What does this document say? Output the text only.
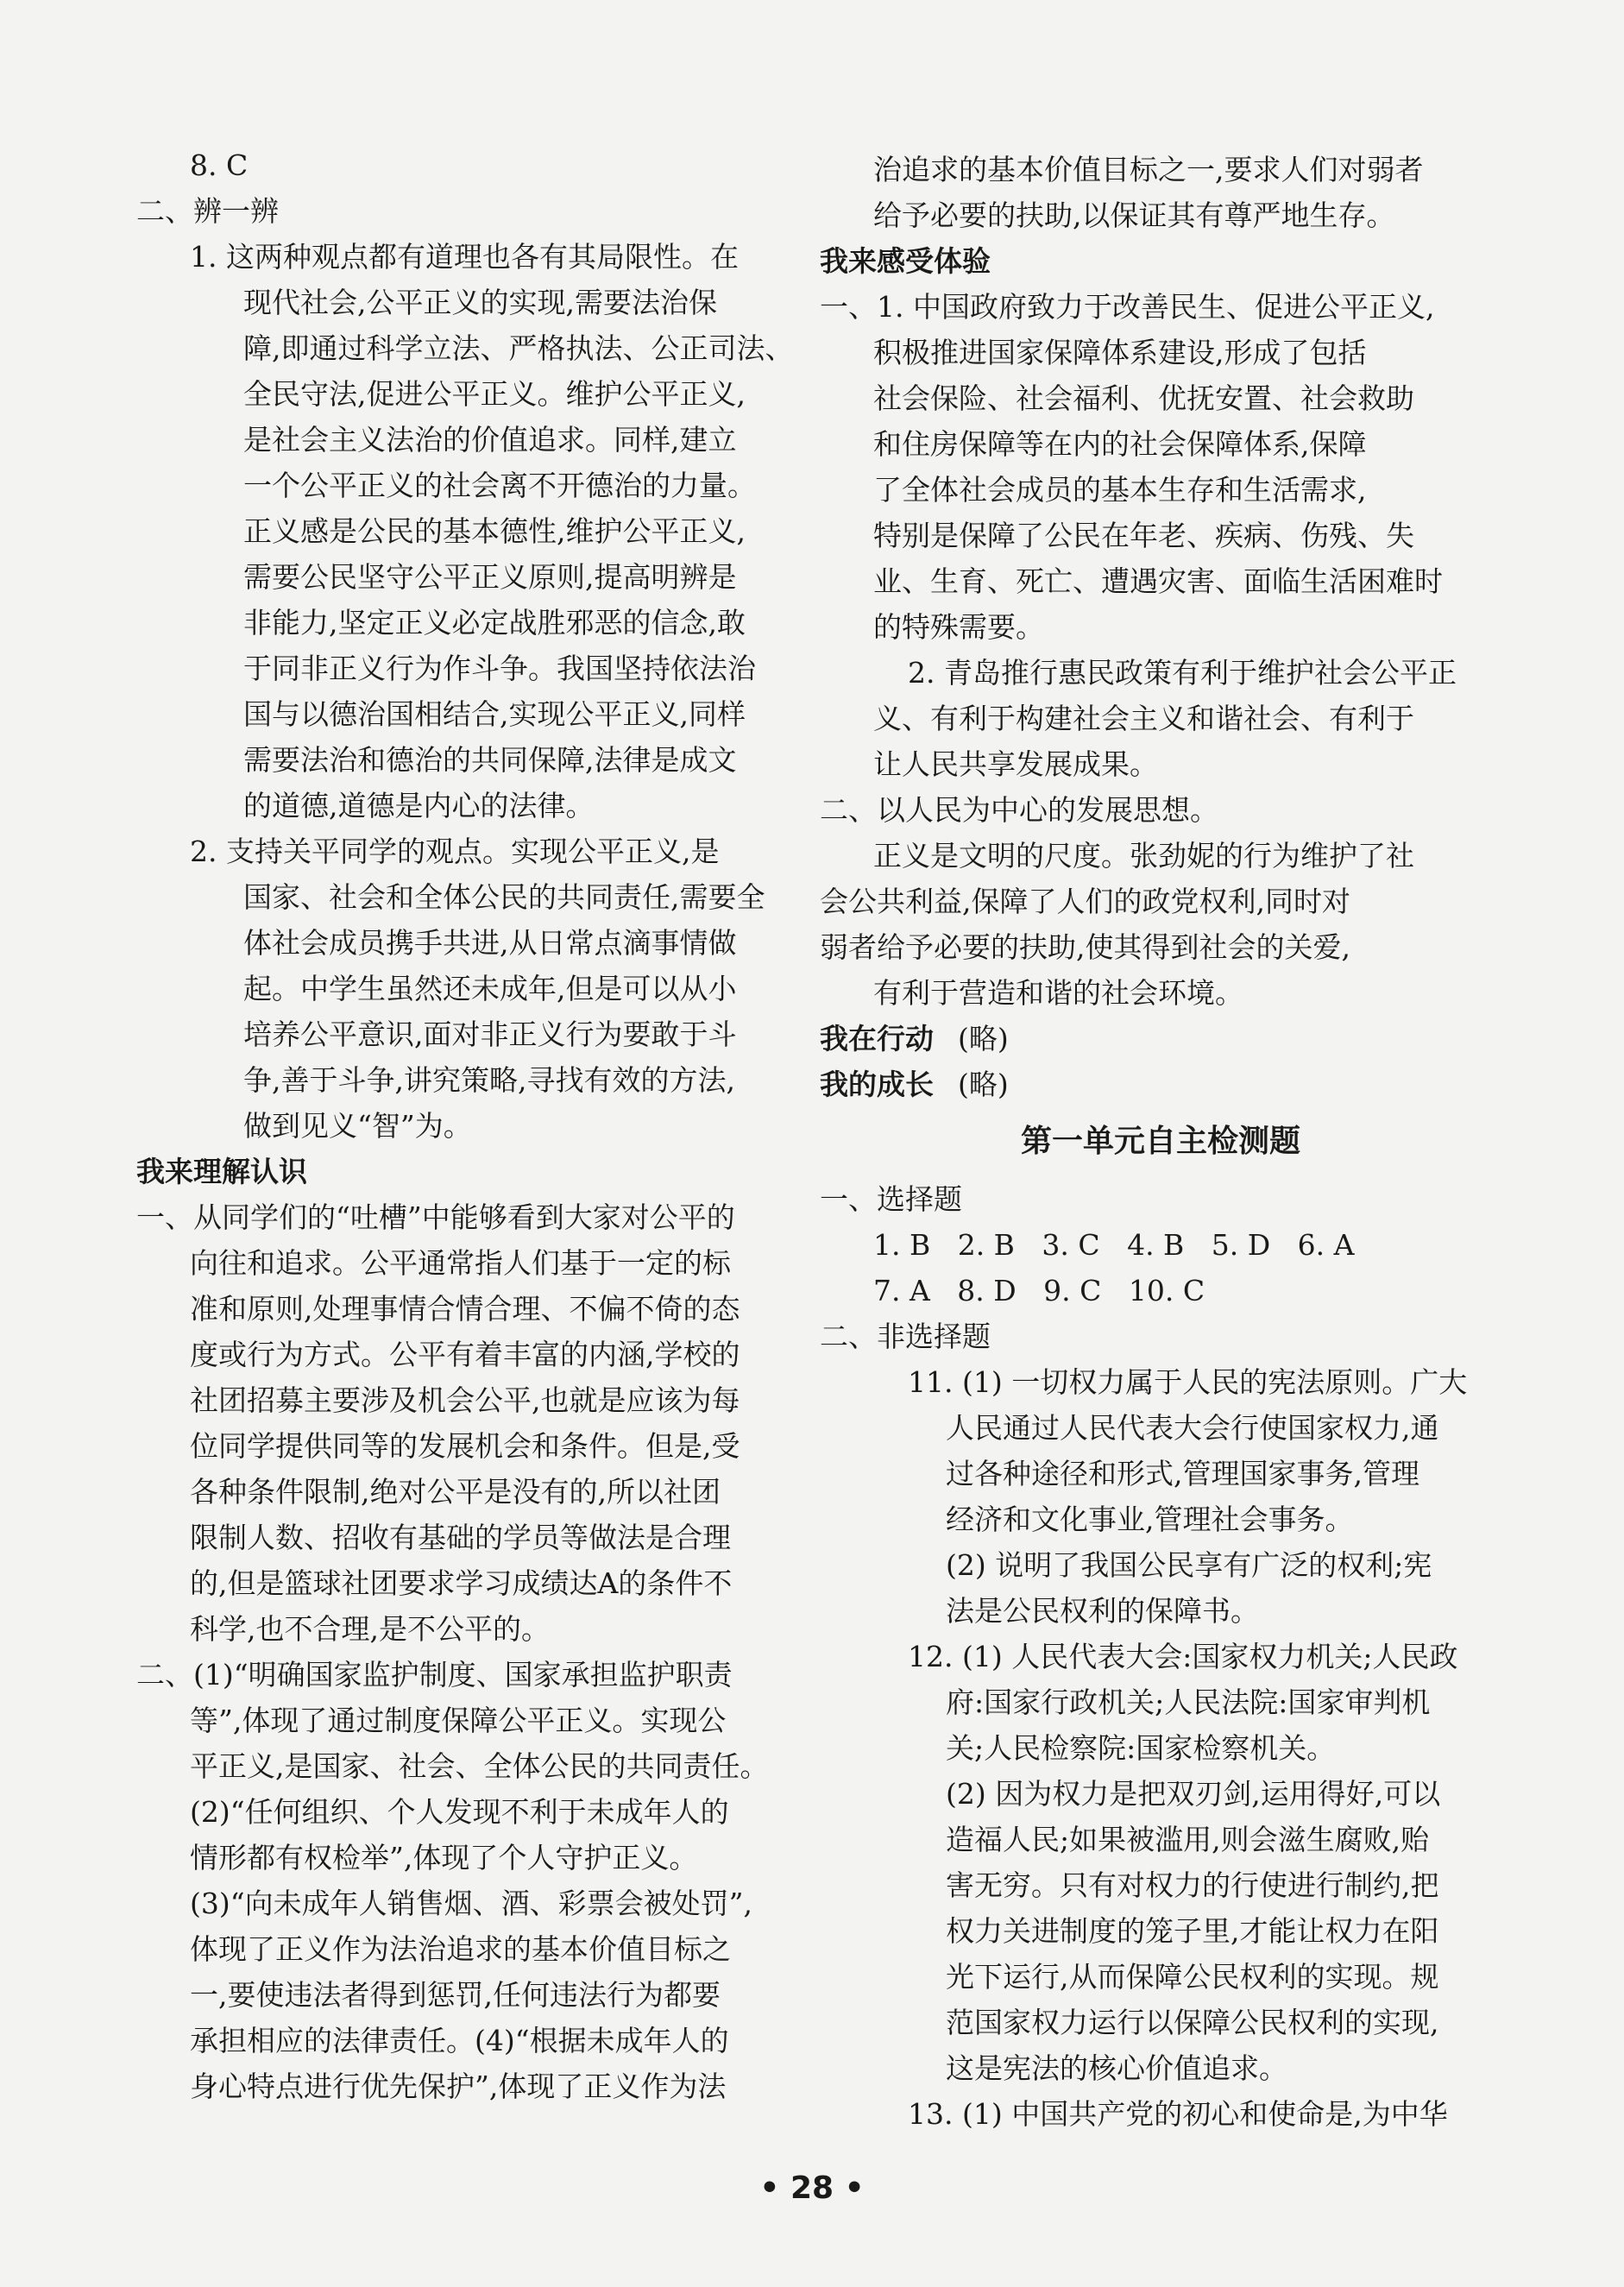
8. C
二、辨一辨
1. 这两种观点都有道理也各有其局限性。在
现代社会,公平正义的实现,需要法治保
障,即通过科学立法、严格执法、公正司法、
全民守法,促进公平正义。维护公平正义,
是社会主义法治的价值追求。同样,建立
一个公平正义的社会离不开德治的力量。
正义感是公民的基本德性,维护公平正义,
需要公民坚守公平正义原则,提高明辨是
非能力,坚定正义必定战胜邪恶的信念,敢
于同非正义行为作斗争。我国坚持依法治
国与以德治国相结合,实现公平正义,同样
需要法治和德治的共同保障,法律是成文
的道德,道德是内心的法律。
2. 支持关平同学的观点。实现公平正义,是
国家、社会和全体公民的共同责任,需要全
体社会成员携手共进,从日常点滴事情做
起。中学生虽然还未成年,但是可以从小
培养公平意识,面对非正义行为要敢于斗
争,善于斗争,讲究策略,寻找有效的方法,
做到见义“智”为。
我来理解认识
一、从同学们的“吐槽”中能够看到大家对公平的
向往和追求。公平通常指人们基于一定的标
准和原则,处理事情合情合理、不偏不倚的态
度或行为方式。公平有着丰富的内涵,学校的
社团招募主要涉及机会公平,也就是应该为每
位同学提供同等的发展机会和条件。但是,受
各种条件限制,绝对公平是没有的,所以社团
限制人数、招收有基础的学员等做法是合理
的,但是篮球社团要求学习成绩达A的条件不
科学,也不合理,是不公平的。
二、(1)“明确国家监护制度、国家承担监护职责
等”,体现了通过制度保障公平正义。实现公
平正义,是国家、社会、全体公民的共同责任。
(2)“任何组织、个人发现不利于未成年人的
情形都有权检举”,体现了个人守护正义。
(3)“向未成年人销售烟、酒、彩票会被处罚”,
体现了正义作为法治追求的基本价值目标之
一,要使违法者得到惩罚,任何违法行为都要
承担相应的法律责任。(4)“根据未成年人的
身心特点进行优先保护”,体现了正义作为法
治追求的基本价值目标之一,要求人们对弱者
给予必要的扶助,以保证其有尊严地生存。
我来感受体验
一、1. 中国政府致力于改善民生、促进公平正义,
积极推进国家保障体系建设,形成了包括
社会保险、社会福利、优抚安置、社会救助
和住房保障等在内的社会保障体系,保障
了全体社会成员的基本生存和生活需求,
特别是保障了公民在年老、疾病、伤残、失
业、生育、死亡、遭遇灾害、面临生活困难时
的特殊需要。
2. 青岛推行惠民政策有利于维护社会公平正
义、有利于构建社会主义和谐社会、有利于
让人民共享发展成果。
二、以人民为中心的发展思想。
正义是文明的尺度。张劲妮的行为维护了社
会公共利益,保障了人们的政党权利,同时对
弱者给予必要的扶助,使其得到社会的关爱,
有利于营造和谐的社会环境。
我在行动 (略)
我的成长 (略)
第一单元自主检测题
一、选择题
1. B   2. B   3. C   4. B   5. D   6. A
7. A   8. D   9. C   10. C
二、非选择题
11. (1) 一切权力属于人民的宪法原则。广大
人民通过人民代表大会行使国家权力,通
过各种途径和形式,管理国家事务,管理
经济和文化事业,管理社会事务。
(2) 说明了我国公民享有广泛的权利;宪
法是公民权利的保障书。
12. (1) 人民代表大会:国家权力机关;人民政
府:国家行政机关;人民法院:国家审判机
关;人民检察院:国家检察机关。
(2) 因为权力是把双刃剑,运用得好,可以
造福人民;如果被滥用,则会滋生腐败,贻
害无穷。只有对权力的行使进行制约,把
权力关进制度的笼子里,才能让权力在阳
光下运行,从而保障公民权利的实现。规
范国家权力运行以保障公民权利的实现,
这是宪法的核心价值追求。
13. (1) 中国共产党的初心和使命是,为中华
• 28 •
